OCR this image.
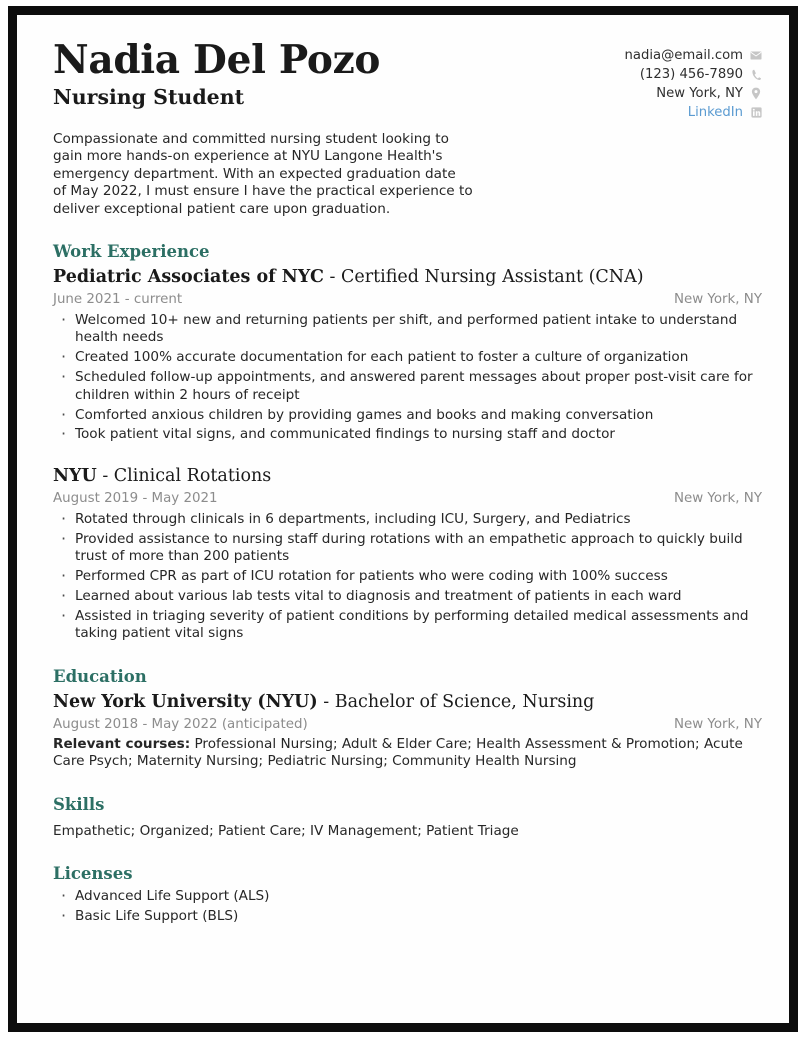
Nadia Del Pozo
Nursing Student
nadia@email.com
(123) 456-7890
New York, NY
LinkedIn
Compassionate and committed nursing student looking to gain more hands-on experience at NYU Langone Health's emergency department. With an expected graduation date of May 2022, I must ensure I have the practical experience to deliver exceptional patient care upon graduation.
Work Experience
Pediatric Associates of NYC - Certified Nursing Assistant (CNA)
June 2021 - current	New York, NY
· Welcomed 10+ new and returning patients per shift, and performed patient intake to understand health needs
· Created 100% accurate documentation for each patient to foster a culture of organization
· Scheduled follow-up appointments, and answered parent messages about proper post-visit care for children within 2 hours of receipt
· Comforted anxious children by providing games and books and making conversation
· Took patient vital signs, and communicated findings to nursing staff and doctor
NYU - Clinical Rotations
August 2019 - May 2021	New York, NY
· Rotated through clinicals in 6 departments, including ICU, Surgery, and Pediatrics
· Provided assistance to nursing staff during rotations with an empathetic approach to quickly build trust of more than 200 patients
· Performed CPR as part of ICU rotation for patients who were coding with 100% success
· Learned about various lab tests vital to diagnosis and treatment of patients in each ward
· Assisted in triaging severity of patient conditions by performing detailed medical assessments and taking patient vital signs
Education
New York University (NYU) - Bachelor of Science, Nursing
August 2018 - May 2022 (anticipated)	New York, NY
Relevant courses: Professional Nursing; Adult & Elder Care; Health Assessment & Promotion; Acute Care Psych; Maternity Nursing; Pediatric Nursing; Community Health Nursing
Skills
Empathetic; Organized; Patient Care; IV Management; Patient Triage
Licenses
· Advanced Life Support (ALS)
· Basic Life Support (BLS)
